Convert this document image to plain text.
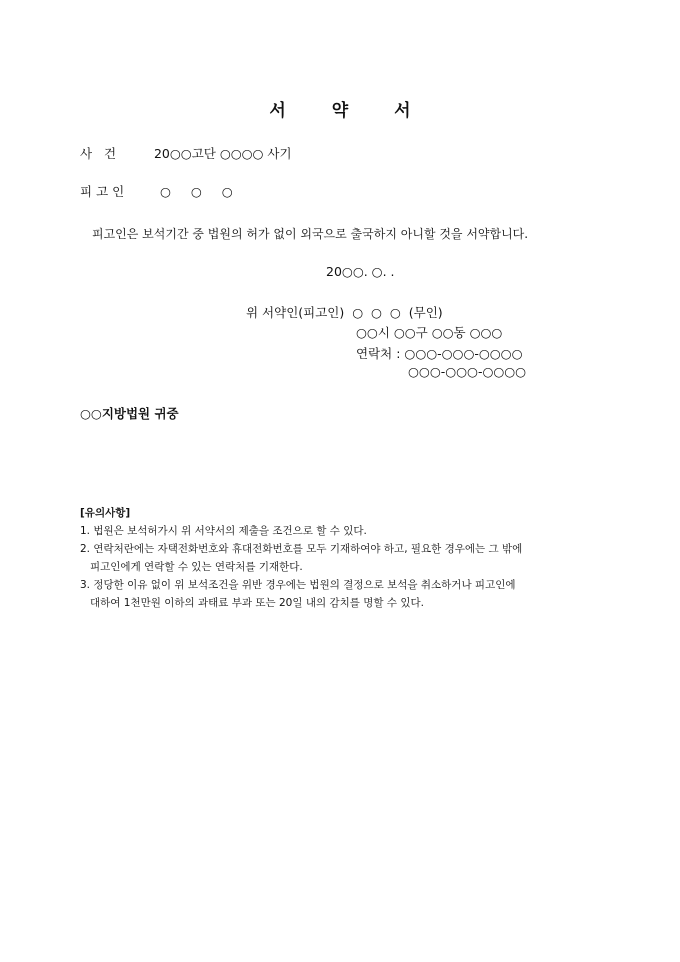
서	약	서
사 건	20○○고단 ○○○○ 사기
피고인	○  ○  ○
피고인은 보석기간 중 법원의 허가 없이 외국으로 출국하지 아니할 것을 서약합니다.
20○○. ○. .
위 서약인(피고인)  ○  ○  ○  (무인)
○○시 ○○구 ○○동 ○○○
연락처 : ○○○-○○○-○○○○
○○○-○○○-○○○○
○○지방법원 귀중
[유의사항]
1. 법원은 보석허가시 위 서약서의 제출을 조건으로 할 수 있다.
2. 연락처란에는 자택전화번호와 휴대전화번호를 모두 기재하여야 하고, 필요한 경우에는 그 밖에
피고인에게 연락할 수 있는 연락처를 기재한다.
3. 정당한 이유 없이 위 보석조건을 위반 경우에는 법원의 결정으로 보석을 취소하거나 피고인에
대하여 1천만원 이하의 과태료 부과 또는 20일 내의 감치를 명할 수 있다.
